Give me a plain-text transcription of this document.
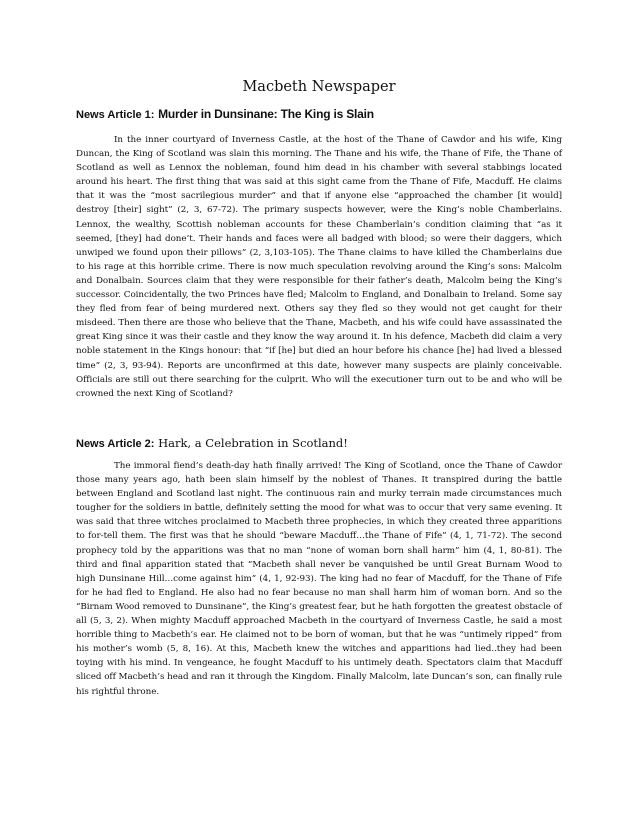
Macbeth Newspaper
News Article 1: Murder in Dunsinane: The King is Slain

In the inner courtyard of Inverness Castle, at the host of the Thane of Cawdor and his wife, King Duncan, the King of Scotland was slain this morning. The Thane and his wife, the Thane of Fife, the Thane of Scotland as well as Lennox the nobleman, found him dead in his chamber with several stabbings located around his heart. The first thing that was said at this sight came from the Thane of Fife, Macduff. He claims that it was the “most sacrilegious murder” and that if anyone else “approached the chamber [it would] destroy [their] sight” (2, 3, 67-72). The primary suspects however, were the King’s noble Chamberlains. Lennox, the wealthy, Scottish nobleman accounts for these Chamberlain’s condition claiming that “as it seemed, [they] had done’t. Their hands and faces were all badged with blood; so were their daggers, which unwiped we found upon their pillows” (2, 3,103-105). The Thane claims to have killed the Chamberlains due to his rage at this horrible crime. There is now much speculation revolving around the King’s sons: Malcolm and Donalbain. Sources claim that they were responsible for their father’s death, Malcolm being the King’s successor. Coincidentally, the two Princes have fled; Malcolm to England, and Donalbain to Ireland. Some say they fled from fear of being murdered next. Others say they fled so they would not get caught for their misdeed. Then there are those who believe that the Thane, Macbeth, and his wife could have assassinated the great King since it was their castle and they know the way around it. In his defence, Macbeth did claim a very noble statement in the Kings honour: that “if [he] but died an hour before his chance [he] had lived a blessed time” (2, 3, 93-94). Reports are unconfirmed at this date, however many suspects are plainly conceivable. Officials are still out there searching for the culprit. Who will the executioner turn out to be and who will be crowned the next King of Scotland?

News Article 2: Hark, a Celebration in Scotland!

The immoral fiend’s death-day hath finally arrived! The King of Scotland, once the Thane of Cawdor those many years ago, hath been slain himself by the noblest of Thanes. It transpired during the battle between England and Scotland last night. The continuous rain and murky terrain made circumstances much tougher for the soldiers in battle, definitely setting the mood for what was to occur that very same evening. It was said that three witches proclaimed to Macbeth three prophecies, in which they created three apparitions to for-tell them. The first was that he should “beware Macduff…the Thane of Fife” (4, 1, 71-72). The second prophecy told by the apparitions was that no man “none of woman born shall harm” him (4, 1, 80-81). The third and final apparition stated that “Macbeth shall never be vanquished be until Great Burnam Wood to high Dunsinane Hill…come against him” (4, 1, 92-93). The king had no fear of Macduff, for the Thane of Fife for he had fled to England. He also had no fear because no man shall harm him of woman born. And so the “Birnam Wood removed to Dunsinane”, the King’s greatest fear, but he hath forgotten the greatest obstacle of all (5, 3, 2). When mighty Macduff approached Macbeth in the courtyard of Inverness Castle, he said a most horrible thing to Macbeth’s ear. He claimed not to be born of woman, but that he was “untimely ripped” from his mother’s womb (5, 8, 16). At this, Macbeth knew the witches and apparitions had lied..they had been toying with his mind. In vengeance, he fought Macduff to his untimely death. Spectators claim that Macduff sliced off Macbeth’s head and ran it through the Kingdom. Finally Malcolm, late Duncan’s son, can finally rule his rightful throne.
